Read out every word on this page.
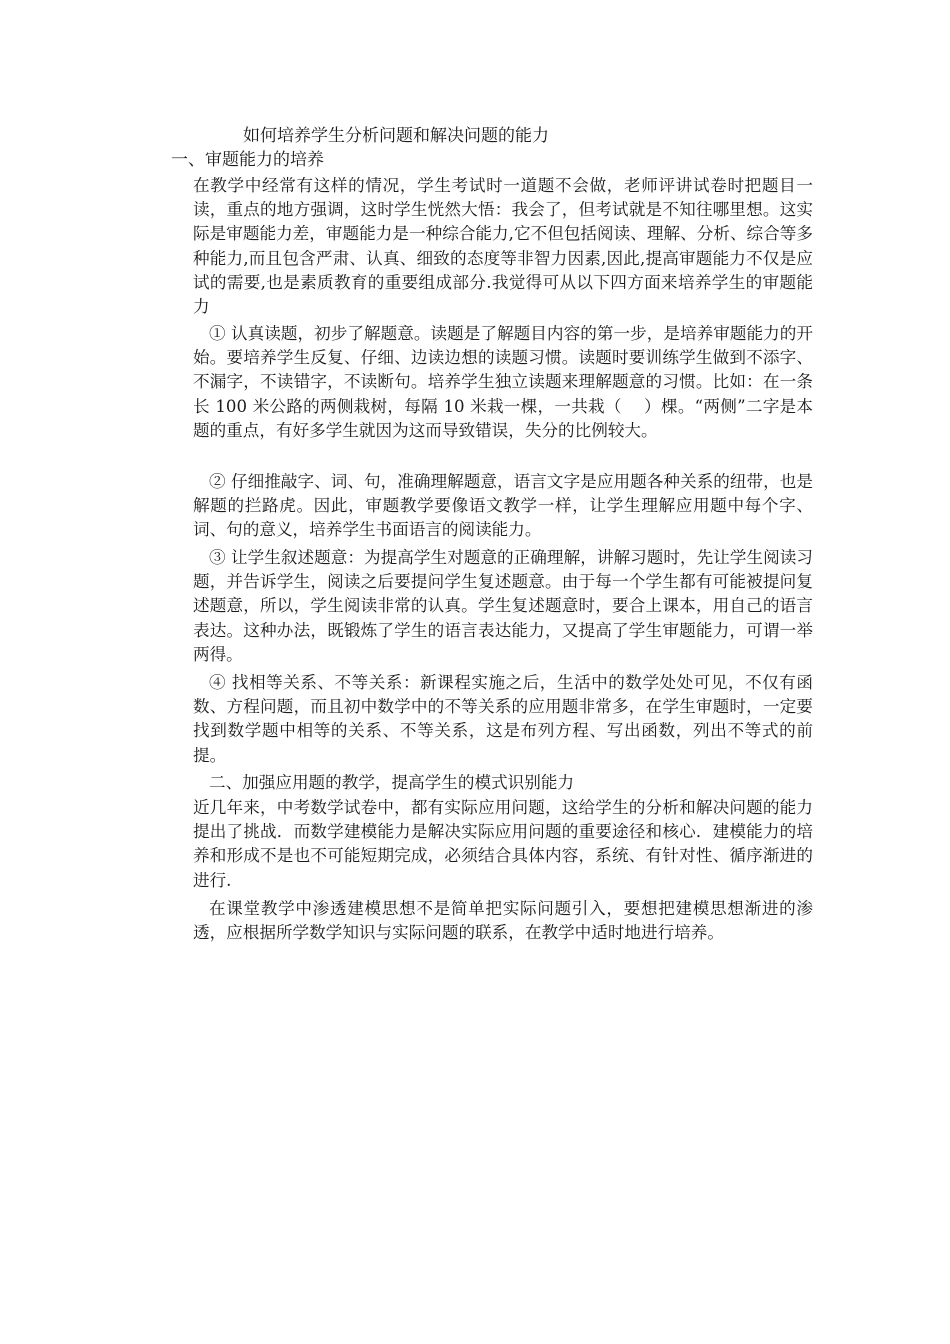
如何培养学生分析问题和解决问题的能力
一、审题能力的培养
在教学中经常有这样的情况，学生考试时一道题不会做，老师评讲试卷时把题目一读，重点的地方强调，这时学生恍然大悟：我会了，但考试就是不知往哪里想。这实际是审题能力差，审题能力是一种综合能力,它不但包括阅读、理解、分析、综合等多种能力,而且包含严肃、认真、细致的态度等非智力因素,因此,提高审题能力不仅是应试的需要,也是素质教育的重要组成部分.我觉得可从以下四方面来培养学生的审题能力
① 认真读题，初步了解题意。读题是了解题目内容的第一步，是培养审题能力的开始。要培养学生反复、仔细、边读边想的读题习惯。读题时要训练学生做到不添字、不漏字，不读错字，不读断句。培养学生独立读题来理解题意的习惯。比如：在一条长 100 米公路的两侧栽树，每隔 10 米栽一棵，一共栽（　 ）棵。“两侧”二字是本题的重点，有好多学生就因为这而导致错误，失分的比例较大。
② 仔细推敲字、词、句，准确理解题意，语言文字是应用题各种关系的纽带，也是解题的拦路虎。因此，审题教学要像语文教学一样，让学生理解应用题中每个字、词、句的意义，培养学生书面语言的阅读能力。
③ 让学生叙述题意：为提高学生对题意的正确理解，讲解习题时，先让学生阅读习题，并告诉学生，阅读之后要提问学生复述题意。由于每一个学生都有可能被提问复述题意，所以，学生阅读非常的认真。学生复述题意时，要合上课本，用自己的语言表达。这种办法，既锻炼了学生的语言表达能力，又提高了学生审题能力，可谓一举两得。
④ 找相等关系、不等关系：新课程实施之后，生活中的数学处处可见，不仅有函数、方程问题，而且初中数学中的不等关系的应用题非常多，在学生审题时，一定要找到数学题中相等的关系、不等关系，这是布列方程、写出函数，列出不等式的前提。
二、加强应用题的教学，提高学生的模式识别能力
近几年来，中考数学试卷中，都有实际应用问题，这给学生的分析和解决问题的能力提出了挑战．而数学建模能力是解决实际应用问题的重要途径和核心．建模能力的培养和形成不是也不可能短期完成，必须结合具体内容，系统、有针对性、循序渐进的进行.
在课堂教学中渗透建模思想不是简单把实际问题引入，要想把建模思想渐进的渗透，应根据所学数学知识与实际问题的联系，在教学中适时地进行培养。
